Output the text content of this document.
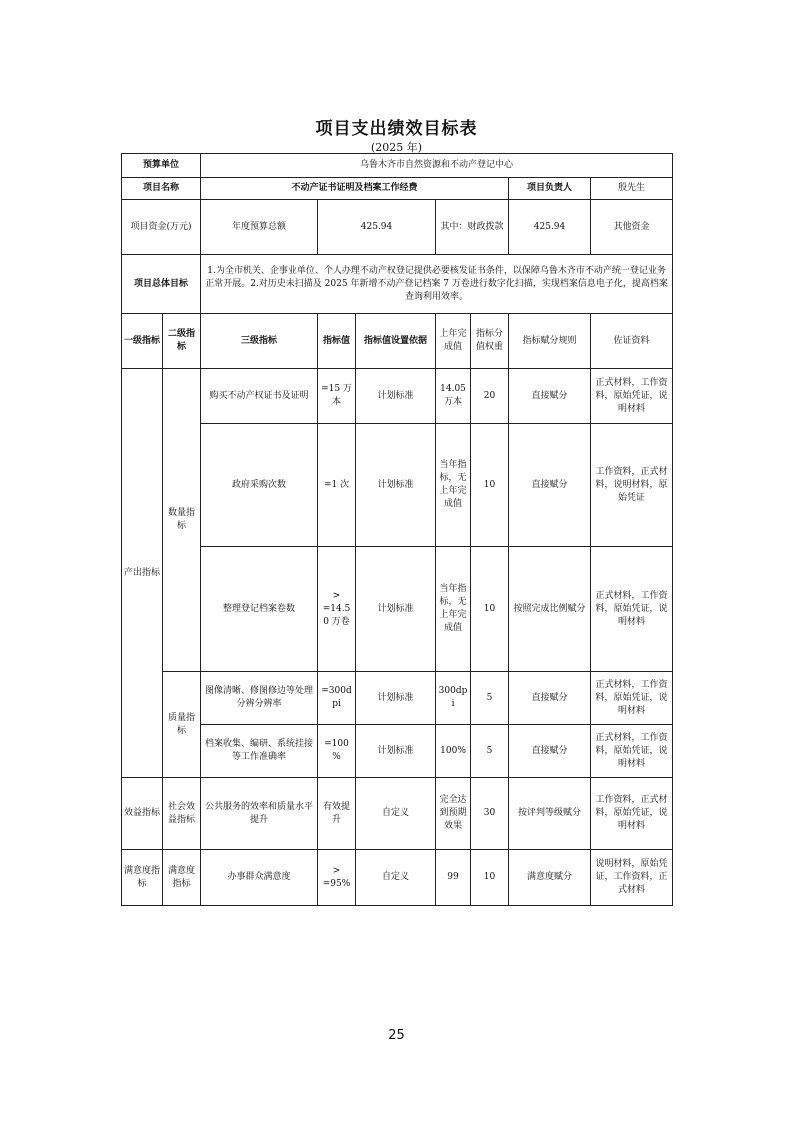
项目支出绩效目标表
(2025 年)
预算单位		乌鲁木齐市自然资源和不动产登记中心							
项目名称		不动产证书证明及档案工作经费					项目负责人	殷先生	
项目资金(万元)		年度预算总额	425.94		其中：财政拨款		425.94	其他资金	
项目总体目标		1.为全市机关、企事业单位、个人办理不动产权登记提供必要核发证书条件，以保障乌鲁木齐市不动产统一登记业务正常开展。2.对历史未扫描及 2025 年新增不动产登记档案 7 万卷进行数字化扫描，实现档案信息电子化，提高档案查询利用效率。							
一级指标	二级指标	三级指标	指标值	指标值设置依据	上年完成值	指标分值权重	指标赋分规则	佐证资料	
产出指标	数量指标	购买不动产权证书及证明	=15 万本	计划标准	14.05 万本	20	直接赋分	正式材料，工作资料，原始凭证，说明材料	
		政府采购次数	=1 次	计划标准	当年指标，无上年完成值	10	直接赋分	工作资料，正式材料，说明材料，原始凭证	
		整理登记档案卷数	> =14.50 万卷	计划标准	当年指标，无上年完成值	10	按照完成比例赋分	正式材料，工作资料，原始凭证，说明材料	
	质量指标	图像清晰、修图修边等处理分辨分辨率	=300dpi	计划标准	300dpi	5	直接赋分	正式材料，工作资料，原始凭证，说明材料	
		档案收集、编研、系统挂接等工作准确率	=100%	计划标准	100%	5	直接赋分	正式材料，工作资料，原始凭证，说明材料	
效益指标	社会效益指标	公共服务的效率和质量水平提升	有效提升	自定义	完全达到预期效果	30	按评判等级赋分	工作资料，正式材料，原始凭证，说明材料	
满意度指标	满意度指标	办事群众满意度	> =95%	自定义	99	10	满意度赋分	说明材料，原始凭证，工作资料，正式材料	
25
